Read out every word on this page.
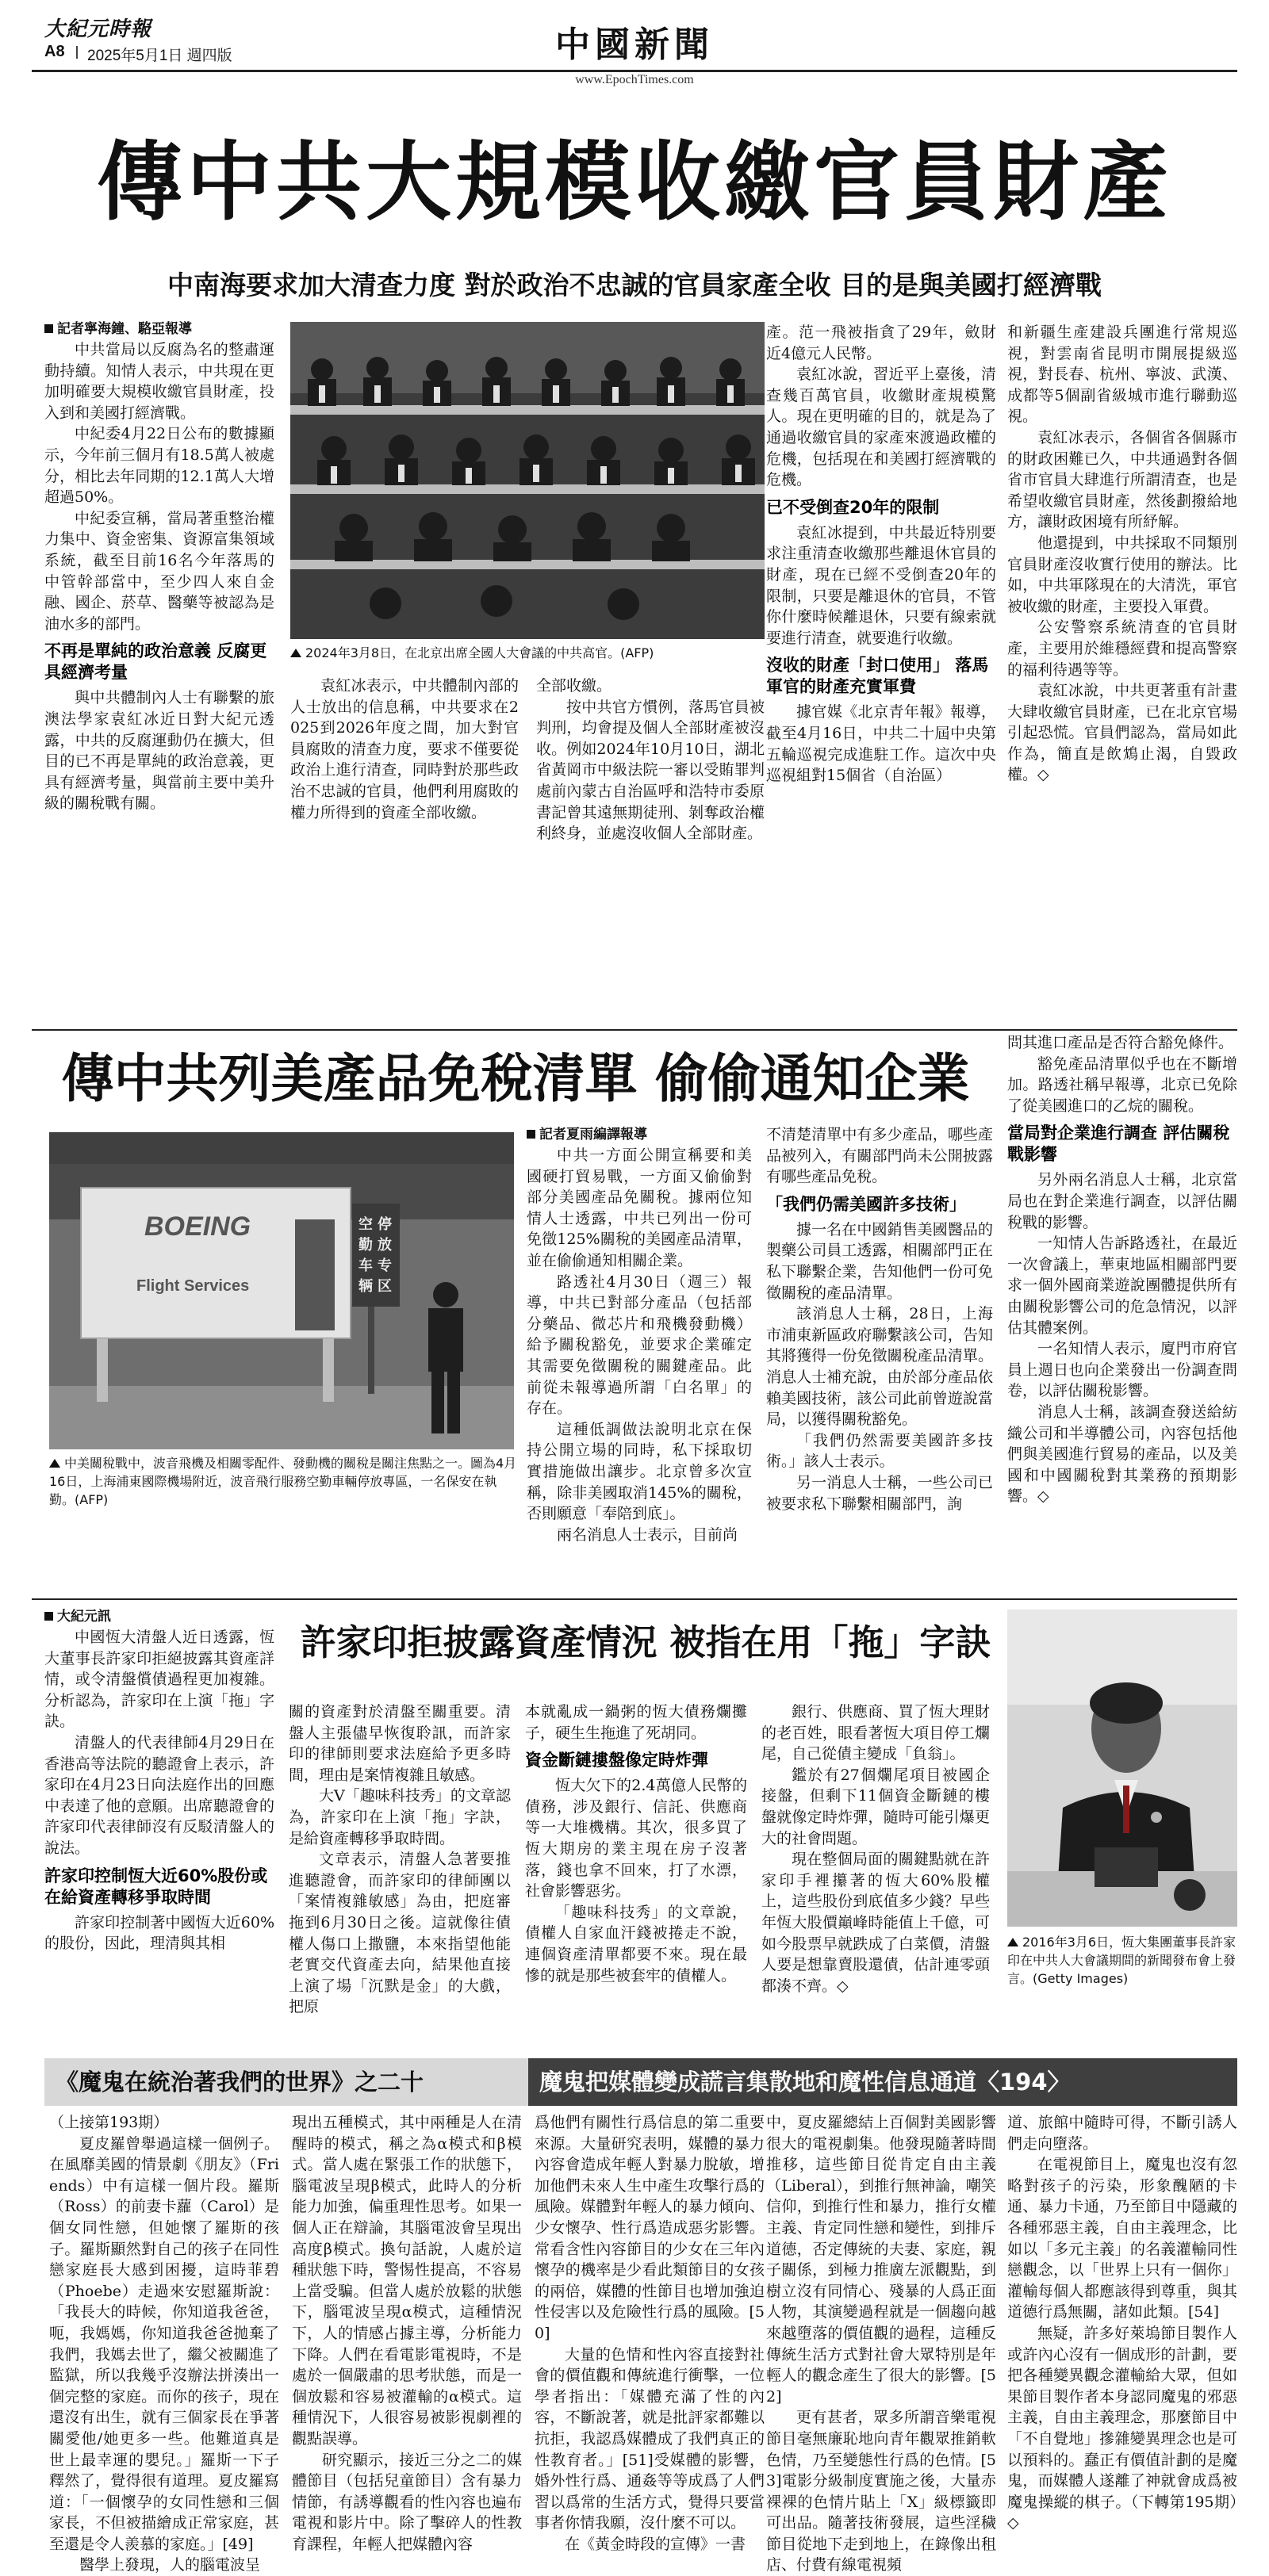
大紀元時報
A8 2025年5月1日 週四版	中國新聞
www.EpochTimes.com
傳中共大規模收繳官員財產
中南海要求加大清查力度 對於政治不忠誠的官員家產全收 目的是與美國打經濟戰
記者寧海鐘、駱亞報導

中共當局以反腐為名的整肅運動持續。知情人表示，中共現在更加明確要大規模收繳官員財產，投入到和美國打經濟戰。

中紀委4月22日公布的數據顯示，今年前三個月有18.5萬人被處分，相比去年同期的12.1萬人大增超過50%。

中紀委宣稱，當局著重整治權力集中、資金密集、資源富集領域系統，截至目前16名今年落馬的中管幹部當中，至少四人來自金融、國企、菸草、醫藥等被認為是油水多的部門。

不再是單純的政治意義 反腐更具經濟考量

與中共體制內人士有聯繫的旅澳法學家袁紅冰近日對大紀元透露，中共的反腐運動仍在擴大，但目的已不再是單純的政治意義，更具有經濟考量，與當前主要中美升級的關稅戰有關。

2024年3月8日，在北京出席全國人大會議的中共高官。(AFP)

袁紅冰表示，中共體制內部的人士放出的信息稱，中共要求在2025到2026年度之間，加大對官員腐敗的清查力度，要求不僅要從政治上進行清查，同時對於那些政治不忠誠的官員，他們利用腐敗的權力所得到的資產全部收繳。

全部收繳。

按中共官方慣例，落馬官員被判刑，均會提及個人全部財產被沒收。例如2024年10月10日，湖北省黃岡市中級法院一審以受賄罪判處前內蒙古自治區呼和浩特市委原書記曾其遠無期徒刑、剝奪政治權利終身，並處沒收個人全部財產。

產。范一飛被指貪了29年，斂財近4億元人民幣。

袁紅冰說，習近平上臺後，清查幾百萬官員，收繳財產規模驚人。現在更明確的目的，就是為了通過收繳官員的家產來渡過政權的危機，包括現在和美國打經濟戰的危機。

已不受倒查20年的限制

袁紅冰提到，中共最近特別要求注重清查收繳那些離退休官員的財產，現在已經不受倒查20年的限制，只要是離退休的官員，不管你什麼時候離退休，只要有線索就要進行清查，就要進行收繳。

沒收的財產「封口使用」 落馬軍官的財產充實軍費

據官媒《北京青年報》報導，截至4月16日，中共二十屆中央第五輪巡視完成進駐工作。這次中央巡視組對15個省（自治區）

和新疆生產建設兵團進行常規巡視，對雲南省昆明市開展提級巡視，對長春、杭州、寧波、武漢、成都等5個副省級城市進行聯動巡視。

袁紅冰表示，各個省各個縣市的財政困難已久，中共通過對各個省市官員大肆進行所謂清查，也是希望收繳官員財產，然後劃撥給地方，讓財政困境有所紓解。

他還提到，中共採取不同類別官員財產沒收實行使用的辦法。比如，中共軍隊現在的大清洗，軍官被收繳的財產，主要投入軍費。

公安警察系統清查的官員財產，主要用於維穩經費和提高警察的福利待遇等等。

袁紅冰說，中共更著重有計畫大肆收繳官員財產，已在北京官場引起恐慌。官員們認為，當局如此作為，簡直是飲鴆止渴，自毀政權。◇

傳中共列美產品免稅清單 偷偷通知企業
BOEING
Flight Services
空 停
勤 放
车 专
辆 区
中美關稅戰中，波音飛機及相關零配件、發動機的關稅是關注焦點之一。圖為4月16日，上海浦東國際機場附近，波音飛行服務空勤車輛停放專區，一名保安在執勤。(AFP)
記者夏雨編譯報導

中共一方面公開宣稱要和美國硬打貿易戰，一方面又偷偷對部分美國產品免關稅。據兩位知情人士透露，中共已列出一份可免徵125%關稅的美國產品清單，並在偷偷通知相關企業。

路透社4月30日（週三）報導，中共已對部分產品（包括部分藥品、微芯片和飛機發動機）給予關稅豁免，並要求企業確定其需要免徵關稅的關鍵產品。此前從未報導過所謂「白名單」的存在。

這種低調做法說明北京在保持公開立場的同時，私下採取切實措施做出讓步。北京曾多次宣稱，除非美國取消145%的關稅，否則願意「奉陪到底」。

兩名消息人士表示，目前尚

不清楚清單中有多少產品，哪些產品被列入，有關部門尚未公開披露有哪些產品免稅。

「我們仍需美國許多技術」

據一名在中國銷售美國醫品的製藥公司員工透露，相關部門正在私下聯繫企業，告知他們一份可免徵關稅的產品清單。

該消息人士稱，28日，上海市浦東新區政府聯繫該公司，告知其將獲得一份免徵關稅產品清單。消息人士補充說，由於部分產品依賴美國技術，該公司此前曾遊說當局，以獲得關稅豁免。

「我們仍然需要美國許多技術。」該人士表示。

另一消息人士稱，一些公司已被要求私下聯繫相關部門，詢

問其進口產品是否符合豁免條件。

豁免產品清單似乎也在不斷增加。路透社稱早報導，北京已免除了從美國進口的乙烷的關稅。

當局對企業進行調查 評估關稅戰影響

另外兩名消息人士稱，北京當局也在對企業進行調查，以評估關稅戰的影響。

一知情人告訴路透社，在最近一次會議上，華東地區相關部門要求一個外國商業遊說團體提供所有由關稅影響公司的危急情況，以評估其體案例。

一名知情人表示，廈門市府官員上週日也向企業發出一份調查問卷，以評估關稅影響。

消息人士稱，該調查發送給紡織公司和半導體公司，內容包括他們與美國進行貿易的產品，以及美國和中國關稅對其業務的預期影響。◇

大紀元訊

中國恆大清盤人近日透露，恆大董事長許家印拒絕披露其資產詳情，或令清盤償債過程更加複雜。分析認為，許家印在上演「拖」字訣。

清盤人的代表律師4月29日在香港高等法院的聽證會上表示，許家印在4月23日向法庭作出的回應中表達了他的意願。出席聽證會的許家印代表律師沒有反駁清盤人的說法。

許家印控制恆大近60%股份或在給資產轉移爭取時間

許家印控制著中國恆大近60%的股份，因此，理清與其相

許家印拒披露資產情況 被指在用「拖」字訣

關的資產對於清盤至關重要。清盤人主張儘早恢復聆訊，而許家印的律師則要求法庭給予更多時間，理由是案情複雜且敏感。

大V「趣味科技秀」的文章認為，許家印在上演「拖」字訣，是給資產轉移爭取時間。

文章表示，清盤人急著要推進聽證會，而許家印的律師團以「案情複雜敏感」為由，把庭審拖到6月30日之後。這就像往債權人傷口上撒鹽，本來指望他能老實交代資產去向，結果他直接上演了場「沉默是金」的大戲，把原

本就亂成一鍋粥的恆大債務爛攤子，硬生生拖進了死胡同。

資金斷鏈摟盤像定時炸彈

恆大欠下的2.4萬億人民幣的債務，涉及銀行、信託、供應商等一大堆機構。其次，很多買了恆大期房的業主現在房子沒著落，錢也拿不回來，打了水漂，社會影響惡劣。

「趣味科技秀」的文章說，債權人自家血汗錢被捲走不說，連個資產清單都要不來。現在最慘的就是那些被套牢的債權人。

銀行、供應商、買了恆大理財的老百姓，眼看著恆大項目停工爛尾，自己從債主變成「負翁」。

鑑於有27個爛尾項目被國企接盤，但剩下11個資金斷鏈的樓盤就像定時炸彈，隨時可能引爆更大的社會問題。

現在整個局面的關鍵點就在許家印手裡攥著的恆大60%股權上，這些股份到底值多少錢？早些年恆大股價巔峰時能值上千億，可如今股票早就跌成了白菜價，清盤人要是想靠賣股還債，估計連零頭都湊不齊。◇

2016年3月6日，恆大集團董事長許家印在中共人大會議期間的新聞發布會上發言。(Getty Images)
《魔鬼在統治著我們的世界》之二十	魔鬼把媒體變成謊言集散地和魔性信息通道〈194〉

（上接第193期）

夏皮羅曾舉過這樣一個例子。在風靡美國的情景劇《朋友》（Friends）中有這樣一個片段。羅斯（Ross）的前妻卡蘿（Carol）是個女同性戀，但她懷了羅斯的孩子。羅斯顯然對自己的孩子在同性戀家庭長大感到困擾，這時菲碧（Phoebe）走過來安慰羅斯說：「我長大的時候，你知道我爸爸，呃，我媽媽，你知道我爸爸拋棄了我們，我媽去世了，繼父被關進了監獄，所以我幾乎沒辦法拼湊出一個完整的家庭。而你的孩子，現在還沒有出生，就有三個家長在爭著關愛他/她更多一些。他難道真是世上最幸運的嬰兒。」羅斯一下子釋然了，覺得很有道理。夏皮羅寫道：「一個懷孕的女同性戀和三個家長，不但被描繪成正常家庭，甚至還是令人羨慕的家庭。」[49]

醫學上發現，人的腦電波呈

現出五種模式，其中兩種是人在清醒時的模式，稱之為α模式和β模式。當人處在緊張工作的狀態下，腦電波呈現β模式，此時人的分析能力加強，偏重理性思考。如果一個人正在辯論，其腦電波會呈現出高度β模式。換句話說，人處於這種狀態下時，警惕性提高，不容易上當受騙。但當人處於放鬆的狀態下，腦電波呈現α模式，這種情況下，人的情感占據主導，分析能力下降。人們在看電影電視時，不是處於一個嚴肅的思考狀態，而是一個放鬆和容易被灌輸的α模式。這種情況下，人很容易被影視劇裡的觀點誤導。

研究顯示，接近三分之二的媒體節目（包括兒童節目）含有暴力情節，有誘導觀看的性內容也遍布電視和影片中。除了擊碎人的性教育課程，年輕人把媒體內容

爲他們有關性行爲信息的第二重要來源。大量研究表明，媒體的暴力內容會造成年輕人對暴力脫敏，增加他們未來人生中產生攻擊行爲的風險。媒體對年輕人的暴力傾向、少女懷孕、性行爲造成惡劣影響。常看含性內容節目的少女在三年內懷孕的機率是少看此類節目的女孩的兩倍，媒體的性節目也增加強迫性侵害以及危險性行爲的風險。[50]

大量的色情和性內容直接對社會的價值觀和傳統進行衝擊，一位學者指出：「媒體充滿了性的內容，不斷說著，就是批評家都難以抗拒，我認爲媒體成了我們真正的性教育者。」[51]受媒體的影響，婚外性行爲、通姦等等成爲了人們習以爲常的生活方式，覺得只要當事者你情我願，沒什麼不可以。

在《黃金時段的宣傳》一書

中，夏皮羅總結上百個對美國影響很大的電視劇集。他發現隨著時間推移，這些節目從肯定自由主義（Liberal），到推行無神論，嘲笑信仰，到推行性和暴力，推行女權主義、肯定同性戀和變性，到排斥道德，否定傳統的夫妻、家庭，親子關係，到極力推廣左派觀點，到樹立沒有同情心、殘暴的人爲正面人物，其演變過程就是一個趨向越來越墮落的價值觀的過程，這種反傳統生活方式對社會大眾特別是年輕人的觀念產生了很大的影響。[52]

更有甚者，眾多所謂音樂電視節目毫無廉恥地向青年觀眾推銷軟色情，乃至變態性行爲的色情。[53]電影分級制度實施之後，大量赤裸裸的色情片貼上「X」級標籤即可出品。隨著技術發展，這些淫穢節目從地下走到地上，在錄像出租店、付費有線電視頻

道、旅館中隨時可得，不斷引誘人們走向墮落。

在電視節目上，魔鬼也沒有忽略對孩子的污染，形象醜陋的卡通、暴力卡通，乃至節目中隱藏的各種邪惡主義，自由主義理念，比如以「多元主義」的名義灌輸同性戀觀念，以「世界上只有一個你」灌輸每個人都應該得到尊重，與其道德行爲無關，諸如此類。[54]

無疑，許多好萊塢節目製作人或許內心沒有一個成形的計劃，要把各種變異觀念灌輸給大眾，但如果節目製作者本身認同魔鬼的邪惡主義，自由主義理念，那麼節目中「不自覺地」摻雜變異理念也是可以預料的。蠢正有價值計劃的是魔鬼，而媒體人遂離了神就會成爲被魔鬼操縱的棋子。（下轉第195期）◇
